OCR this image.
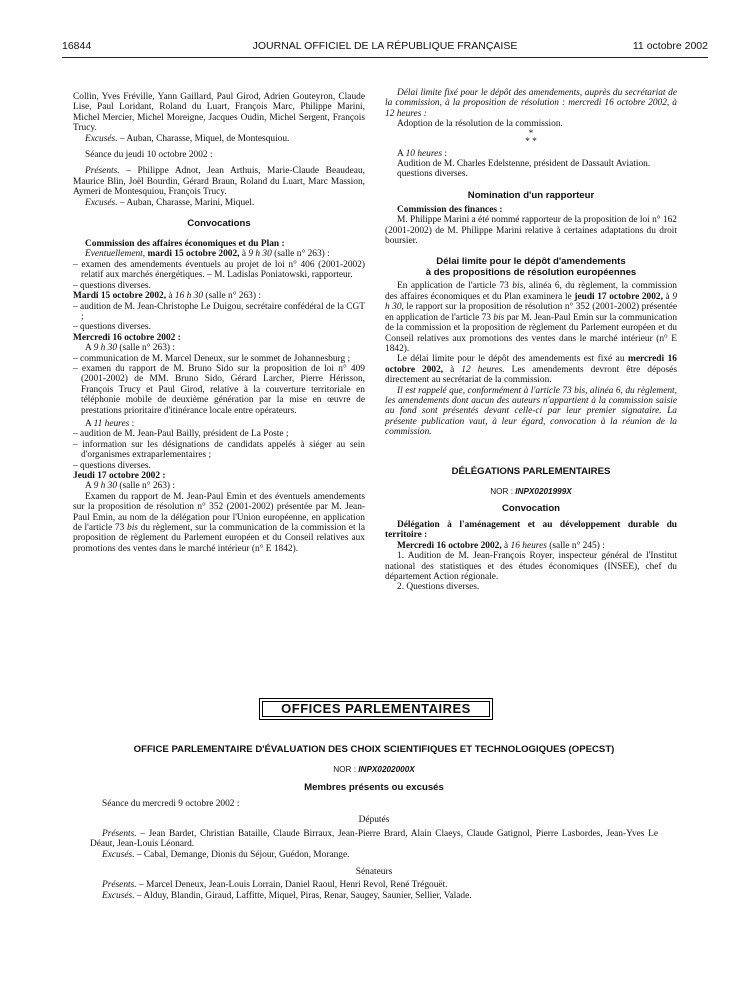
16844	JOURNAL OFFICIEL DE LA RÉPUBLIQUE FRANÇAISE	11 octobre 2002

Collin, Yves Fréville, Yann Gaillard, Paul Girod, Adrien Gouteyron, Claude Lise, Paul Loridant, Roland du Luart, François Marc, Philippe Marini, Michel Mercier, Michel Moreigne, Jacques Oudin, Michel Sergent, François Trucy.

Excusés. – Auban, Charasse, Miquel, de Montesquiou.

Séance du jeudi 10 octobre 2002 :

Présents. – Philippe Adnot, Jean Arthuis, Marie-Claude Beaudeau, Maurice Blin, Joël Bourdin, Gérard Braun, Roland du Luart, Marc Massion, Aymeri de Montesquiou, François Trucy.

Excusés. – Auban, Charasse, Marini, Miquel.

Convocations

Commission des affaires économiques et du Plan :

Eventuellement, mardi 15 octobre 2002, à 9 h 30 (salle n° 263) :

– examen des amendements éventuels au projet de loi n° 406 (2001-2002) relatif aux marchés énergétiques. – M. Ladislas Poniatowski, rapporteur.

– questions diverses.

Mardi 15 octobre 2002, à 16 h 30 (salle n° 263) :

– audition de M. Jean-Christophe Le Duigou, secrétaire confédéral de la CGT ;

– questions diverses.

Mercredi 16 octobre 2002 :

A 9 h 30 (salle n° 263) :

– communication de M. Marcel Deneux, sur le sommet de Johannesburg ;

– examen du rapport de M. Bruno Sido sur la proposition de loi n° 409 (2001-2002) de MM. Bruno Sido, Gérard Larcher, Pierre Hérisson, François Trucy et Paul Girod, relative à la couverture territoriale en téléphonie mobile de deuxième génération par la mise en œuvre de prestations prioritaire d'itinérance locale entre opérateurs.

A 11 heures :

– audition de M. Jean-Paul Bailly, président de La Poste ;

– information sur les désignations de candidats appelés à siéger au sein d'organismes extraparlementaires ;

– questions diverses.

Jeudi 17 octobre 2002 :

A 9 h 30 (salle n° 263) :

Examen du rapport de M. Jean-Paul Emin et des éventuels amendements sur la proposition de résolution n° 352 (2001-2002) présentée par M. Jean-Paul Emin, au nom de la délégation pour l'Union européenne, en application de l'article 73 bis du règlement, sur la communication de la commission et la proposition de règlement du Parlement européen et du Conseil relatives aux promotions des ventes dans le marché intérieur (n° E 1842).

Délai limite fixé pour le dépôt des amendements, auprès du secrétariat de la commission, à la proposition de résolution : mercredi 16 octobre 2002, à 12 heures :

Adoption de la résolution de la commission.

*

* *

A 10 heures :

Audition de M. Charles Edelstenne, président de Dassault Aviation.

questions diverses.

Nomination d'un rapporteur

Commission des finances :

M. Philippe Marini a été nommé rapporteur de la proposition de loi n° 162 (2001-2002) de M. Philippe Marini relative à certaines adaptations du droit boursier.

Délai limite pour le dépôt d'amendements

à des propositions de résolution européennes

En application de l'article 73 bis, alinéa 6, du règlement, la commission des affaires économiques et du Plan examinera le jeudi 17 octobre 2002, à 9 h 30, le rapport sur la proposition de résolution n° 352 (2001-2002) présentée en application de l'article 73 bis par M. Jean-Paul Emin sur la communication de la commission et la proposition de règlement du Parlement européen et du Conseil relatives aux promotions des ventes dans le marché intérieur (n° E 1842).

Le délai limite pour le dépôt des amendements est fixé au mercredi 16 octobre 2002, à 12 heures. Les amendements devront être déposés directement au secrétariat de la commission.

Il est rappelé que, conformément à l'article 73 bis, alinéa 6, du règlement, les amendements dont aucun des auteurs n'appartient à la commission saisie au fond sont présentés devant celle-ci par leur premier signataire. La présente publication vaut, à leur égard, convocation à la réunion de la commission.

DÉLÉGATIONS PARLEMENTAIRES

NOR : INPX0201999X

Convocation

Délégation à l'aménagement et au développement durable du territoire :

Mercredi 16 octobre 2002, à 16 heures (salle n° 245) :

1. Audition de M. Jean-François Royer, inspecteur général de l'Institut national des statistiques et des études économiques (INSEE), chef du département Action régionale.

2. Questions diverses.

OFFICES PARLEMENTAIRES

OFFICE PARLEMENTAIRE D'ÉVALUATION DES CHOIX SCIENTIFIQUES ET TECHNOLOGIQUES (OPECST)

NOR : INPX0202000X

Membres présents ou excusés

Séance du mercredi 9 octobre 2002 :

Députés

Présents. – Jean Bardet, Christian Bataille, Claude Birraux, Jean-Pierre Brard, Alain Claeys, Claude Gatignol, Pierre Lasbordes, Jean-Yves Le Déaut, Jean-Louis Léonard.

Excusés. – Cabal, Demange, Dionis du Séjour, Guédon, Morange.

Sénateurs

Présents. – Marcel Deneux, Jean-Louis Lorrain, Daniel Raoul, Henri Revol, René Trégouët.

Excusés. – Alduy, Blandin, Giraud, Laffitte, Miquel, Piras, Renar, Saugey, Saunier, Sellier, Valade.
